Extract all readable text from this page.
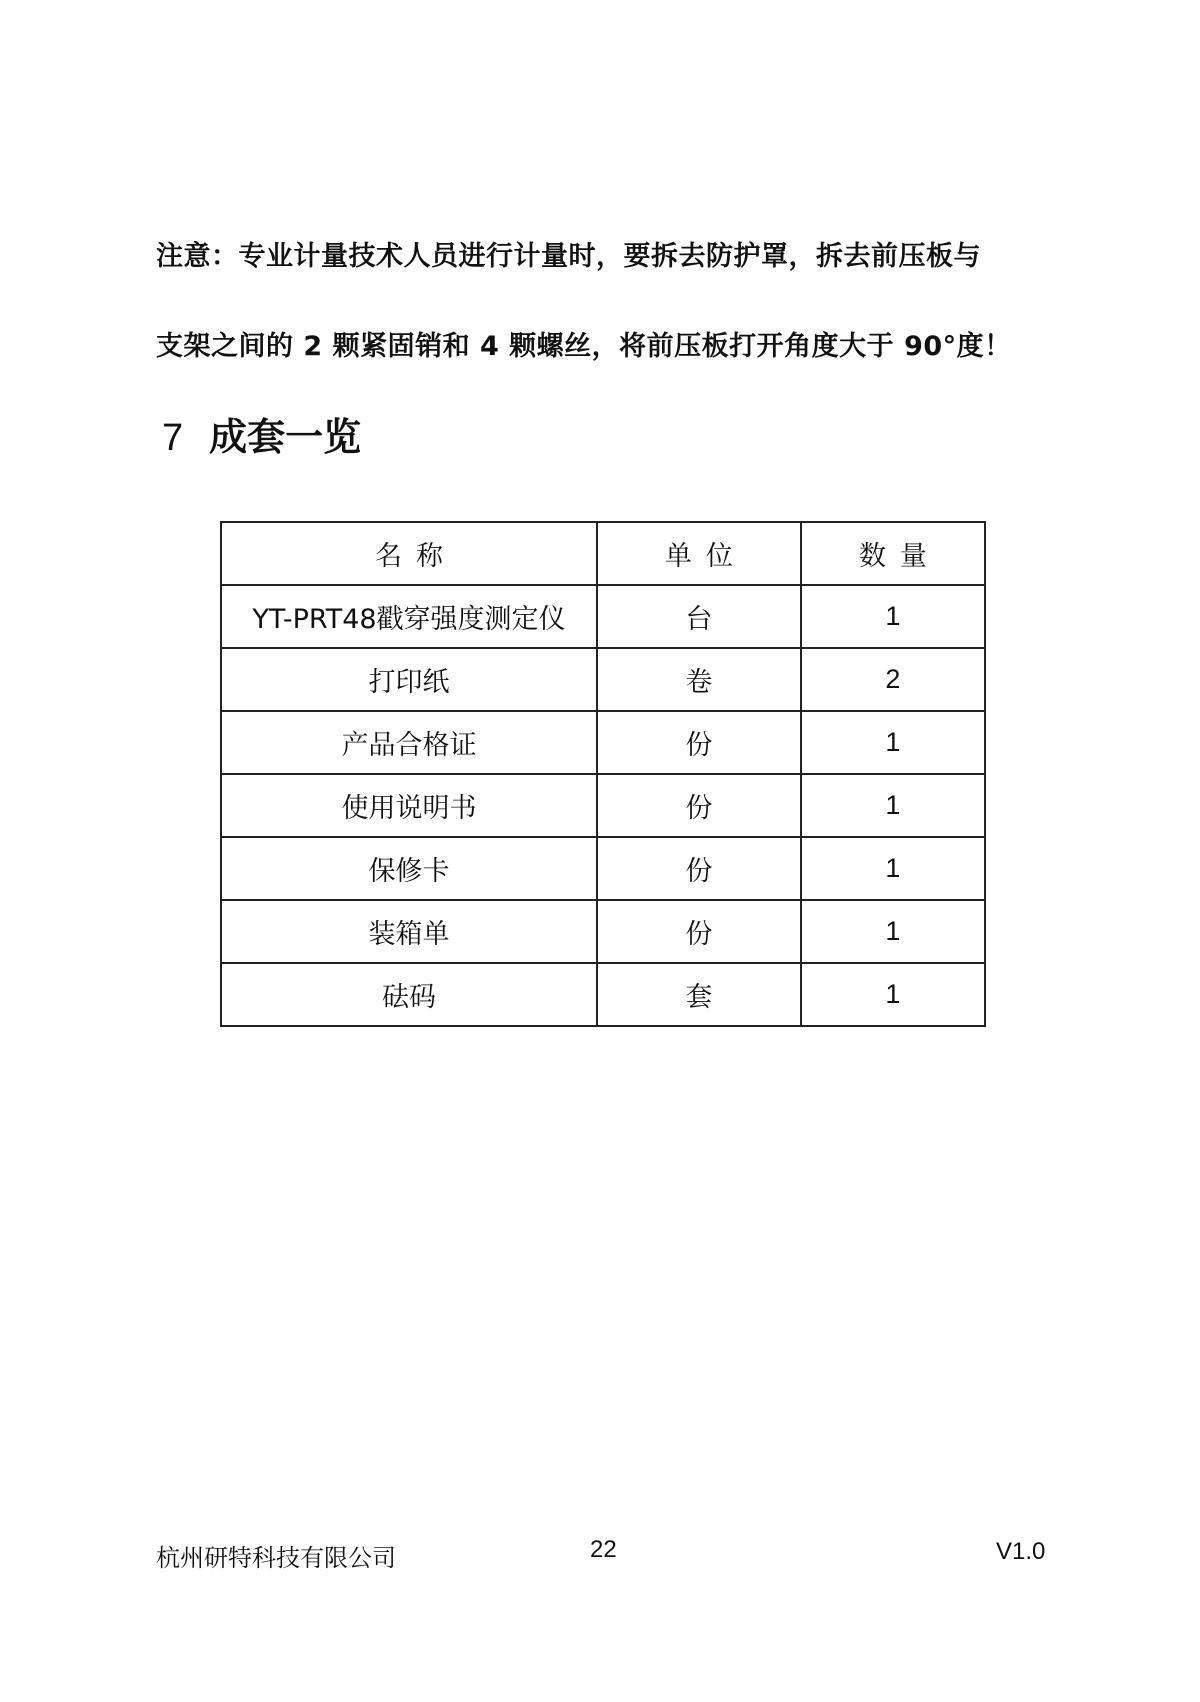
注意：专业计量技术人员进行计量时，要拆去防护罩，拆去前压板与
支架之间的 2 颗紧固销和 4 颗螺丝，将前压板打开角度大于 90°度！
7 成套一览
名称	单位	数量
YT-PRT48戳穿强度测定仪	台	1
打印纸	卷	2
产品合格证	份	1
使用说明书	份	1
保修卡	份	1
装箱单	份	1
砝码	套	1
杭州研特科技有限公司	22	V1.0
